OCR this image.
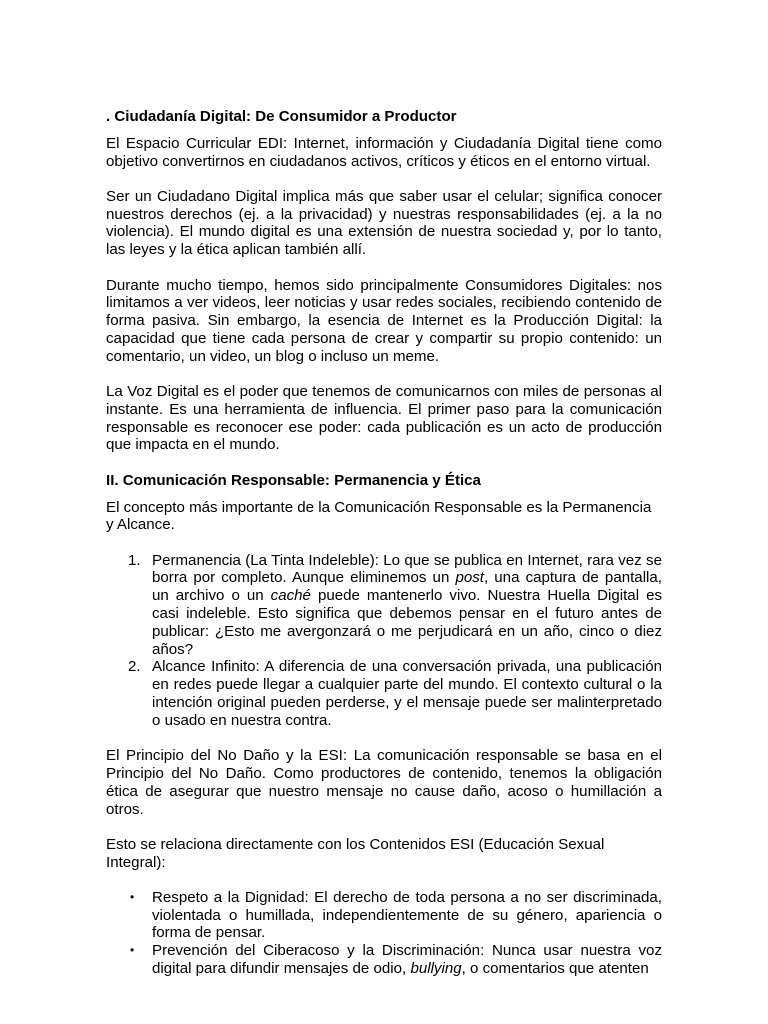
. Ciudadanía Digital: De Consumidor a Productor

El Espacio Curricular EDI: Internet, información y Ciudadanía Digital tiene como objetivo convertirnos en ciudadanos activos, críticos y éticos en el entorno virtual.

Ser un Ciudadano Digital implica más que saber usar el celular; significa conocer nuestros derechos (ej. a la privacidad) y nuestras responsabilidades (ej. a la no violencia). El mundo digital es una extensión de nuestra sociedad y, por lo tanto, las leyes y la ética aplican también allí.

Durante mucho tiempo, hemos sido principalmente Consumidores Digitales: nos limitamos a ver videos, leer noticias y usar redes sociales, recibiendo contenido de forma pasiva. Sin embargo, la esencia de Internet es la Producción Digital: la capacidad que tiene cada persona de crear y compartir su propio contenido: un comentario, un video, un blog o incluso un meme.

La Voz Digital es el poder que tenemos de comunicarnos con miles de personas al instante. Es una herramienta de influencia. El primer paso para la comunicación responsable es reconocer ese poder: cada publicación es un acto de producción que impacta en el mundo.

II. Comunicación Responsable: Permanencia y Ética

El concepto más importante de la Comunicación Responsable es la Permanencia y Alcance.

1. Permanencia (La Tinta Indeleble): Lo que se publica en Internet, rara vez se borra por completo. Aunque eliminemos un post, una captura de pantalla, un archivo o un caché puede mantenerlo vivo. Nuestra Huella Digital es casi indeleble. Esto significa que debemos pensar en el futuro antes de publicar: ¿Esto me avergonzará o me perjudicará en un año, cinco o diez años?
2. Alcance Infinito: A diferencia de una conversación privada, una publicación en redes puede llegar a cualquier parte del mundo. El contexto cultural o la intención original pueden perderse, y el mensaje puede ser malinterpretado o usado en nuestra contra.

El Principio del No Daño y la ESI: La comunicación responsable se basa en el Principio del No Daño. Como productores de contenido, tenemos la obligación ética de asegurar que nuestro mensaje no cause daño, acoso o humillación a otros.

Esto se relaciona directamente con los Contenidos ESI (Educación Sexual Integral):

• Respeto a la Dignidad: El derecho de toda persona a no ser discriminada, violentada o humillada, independientemente de su género, apariencia o forma de pensar.
• Prevención del Ciberacoso y la Discriminación: Nunca usar nuestra voz digital para difundir mensajes de odio, bullying, o comentarios que atenten
